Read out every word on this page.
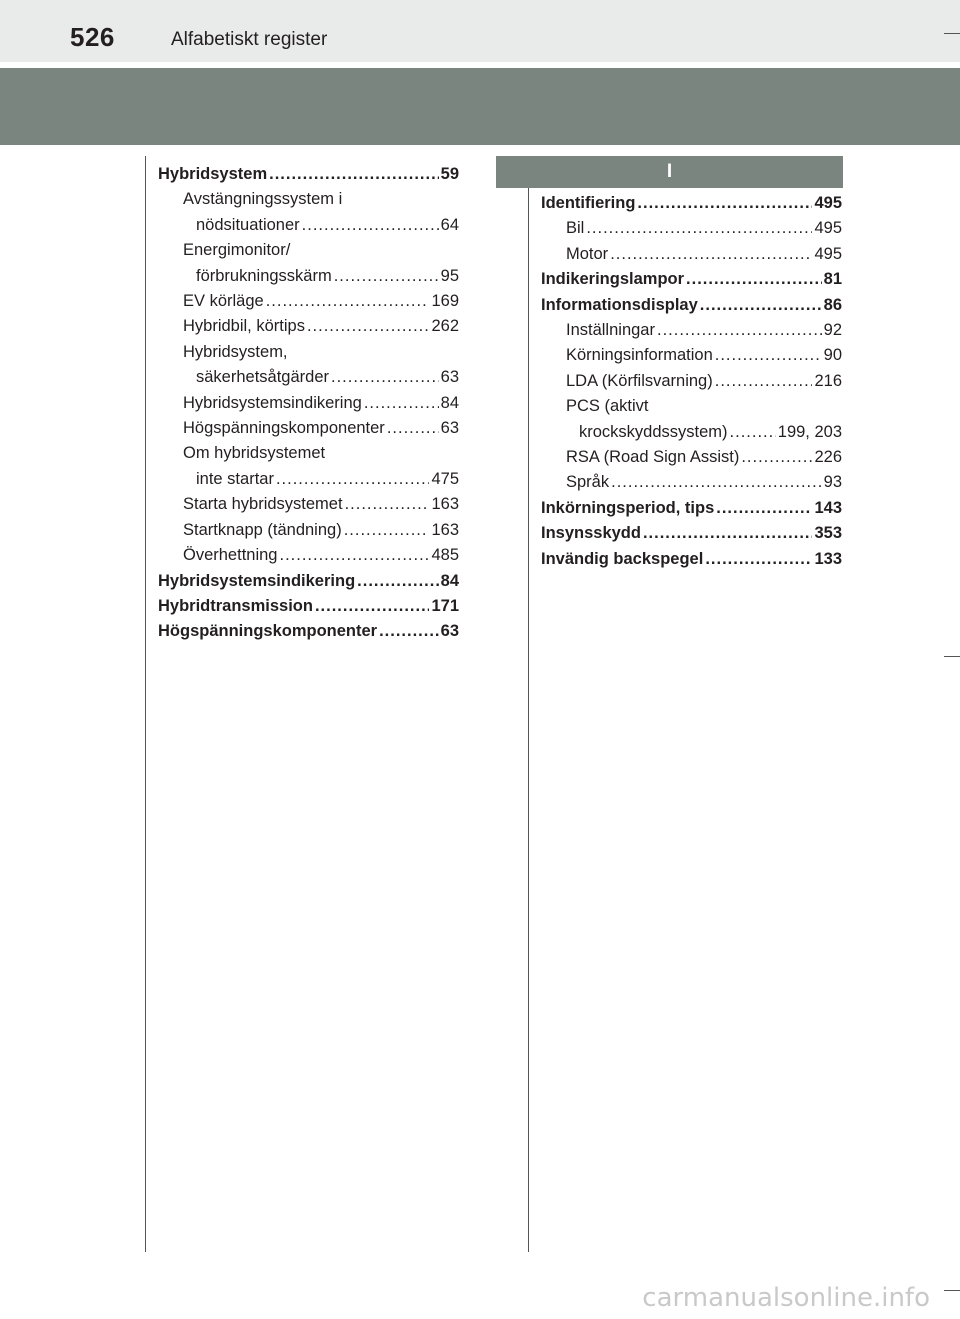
526	Alfabetiskt register
Hybridsystem .....	59
Avstängningssystem i
nödsituationer .....	64
Energimonitor/
förbrukningsskärm .....	95
EV körläge .....	169
Hybridbil, körtips .....	262
Hybridsystem,
säkerhetsåtgärder .....	63
Hybridsystemsindikering .....	84
Högspänningskomponenter .....	63
Om hybridsystemet
inte startar .....	475
Starta hybridsystemet .....	163
Startknapp (tändning) .....	163
Överhettning .....	485
Hybridsystemsindikering .....	84
Hybridtransmission .....	171
Högspänningskomponenter .....	63
I
Identifiering .....	495
Bil .....	495
Motor .....	495
Indikeringslampor .....	81
Informationsdisplay .....	86
Inställningar .....	92
Körningsinformation .....	90
LDA (Körfilsvarning) .....	216
PCS (aktivt
krockskyddssystem) .....	199, 203
RSA (Road Sign Assist) .....	226
Språk .....	93
Inkörningsperiod, tips .....	143
Insynsskydd .....	353
Invändig backspegel .....	133
carmanualsonline.info
